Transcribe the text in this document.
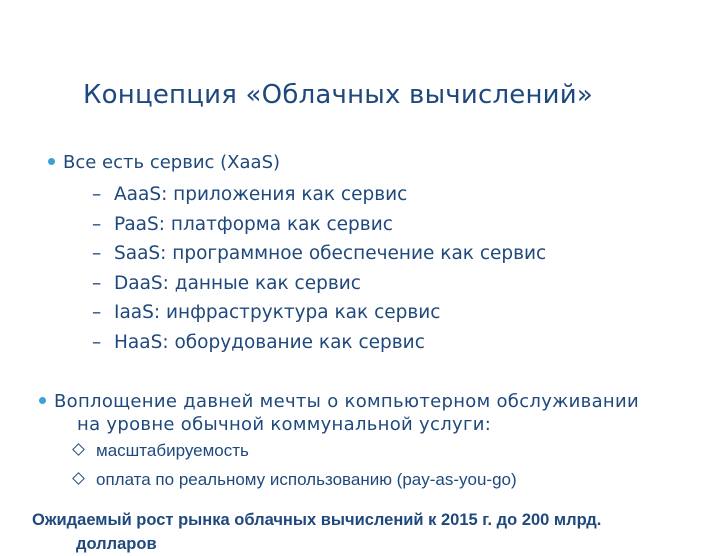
Концепция «Облачных вычислений»
Все есть сервис (XaaS)
– AaaS: приложения как сервис
– PaaS: платформа как сервис
– SaaS: программное обеспечение как сервис
– DaaS: данные как сервис
– IaaS: инфраструктура как сервис
– HaaS: оборудование как сервис
Воплощение давней мечты о компьютерном обслуживании
на уровне обычной коммунальной услуги:
масштабируемость
оплата по реальному использованию (pay-as-you-go)
Ожидаемый рост рынка облачных вычислений к 2015 г. до 200 млрд.
долларов
